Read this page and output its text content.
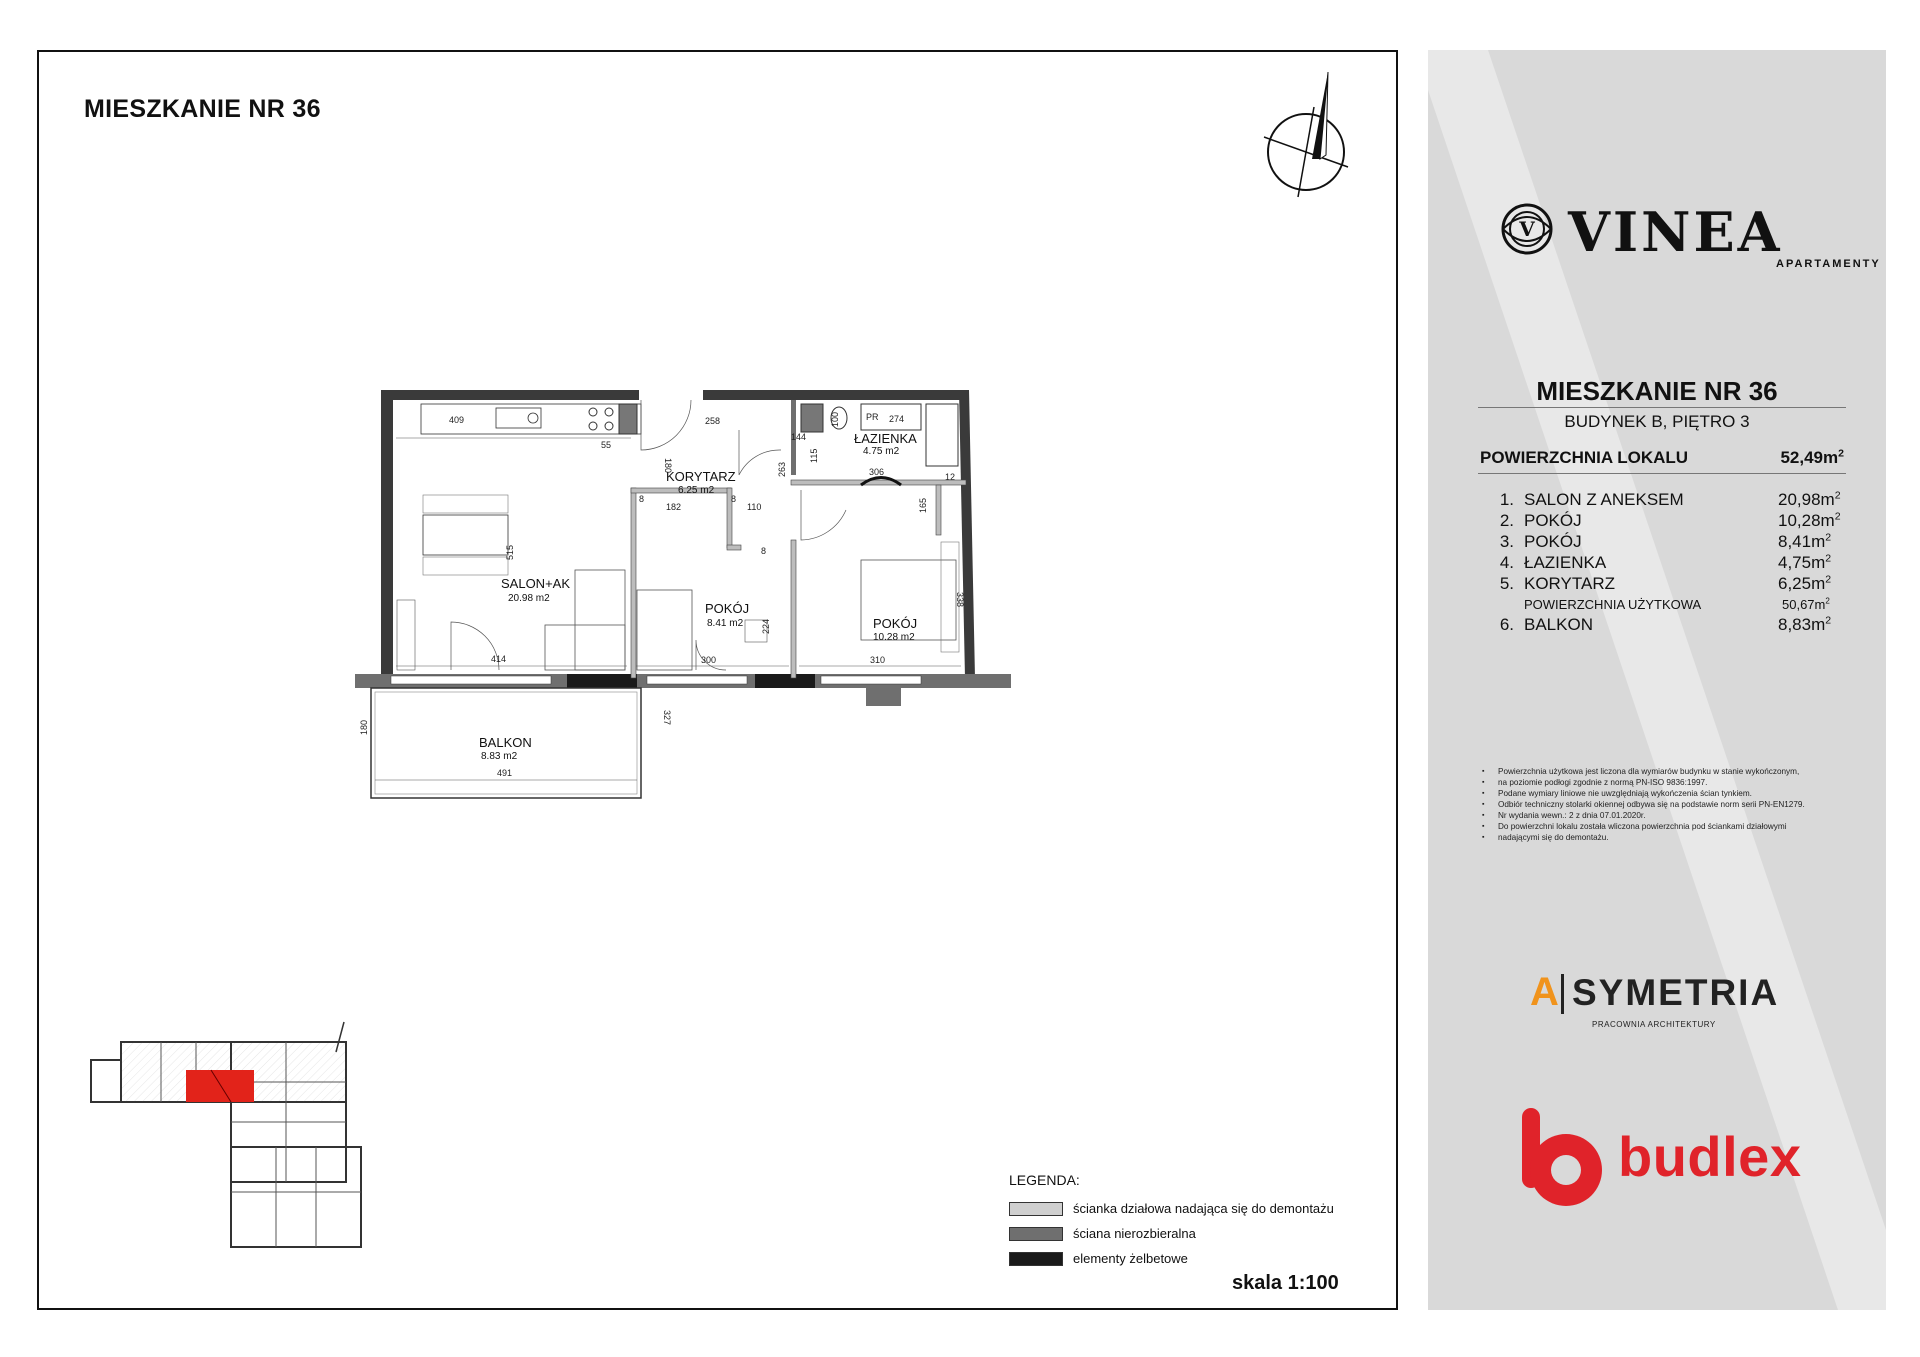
MIESZKANIE NR 36
SALON+AK
20.98 m2
KORYTARZ
6.25 m2
ŁAZIENKA
4.75 m2
POKÓJ
8.41 m2	POKÓJ
10.28 m2
BALKON
8.83 m2
409
55
258
180
274
165
144
100
115
263	306
515
414
182	110
327
224
300
338
310
180
491
8	8
8
12
PR
LEGENDA:
ścianka działowa nadająca się do demontażu
ściana nierozbieralna
elementy żelbetowe
skala 1:100
V VINEA
APARTAMENTY
MIESZKANIE NR 36
BUDYNEK B, PIĘTRO 3
POWIERZCHNIA LOKALU	$52,49m^2$
1. SALON Z ANEKSEM	$20,98m^2$
2. POKÓJ	$10,28m^2$
3. POKÓJ	$8,41m^2$
4. ŁAZIENKA	$4,75m^2$
5. KORYTARZ	$6,25m^2$
POWIERZCHNIA UŻYTKOWA	$50,67m^2$
6. BALKON	$8,83m^2$
▪ Powierzchnia użytkowa jest liczona dla wymiarów budynku w stanie wykończonym,
▪ na poziomie podłogi zgodnie z normą PN-ISO 9836:1997.
▪ Podane wymiary liniowe nie uwzględniają wykończenia ścian tynkiem.
▪ Odbiór techniczny stolarki okiennej odbywa się na podstawie norm serii PN-EN1279.
▪ Nr wydania wewn.: 2 z dnia 07.01.2020r.
▪ Do powierzchni lokalu została wliczona powierzchnia pod ściankami działowymi
▪ nadającymi się do demontażu.
A SYMETRIA
PRACOWNIA ARCHITEKTURY
budlex
